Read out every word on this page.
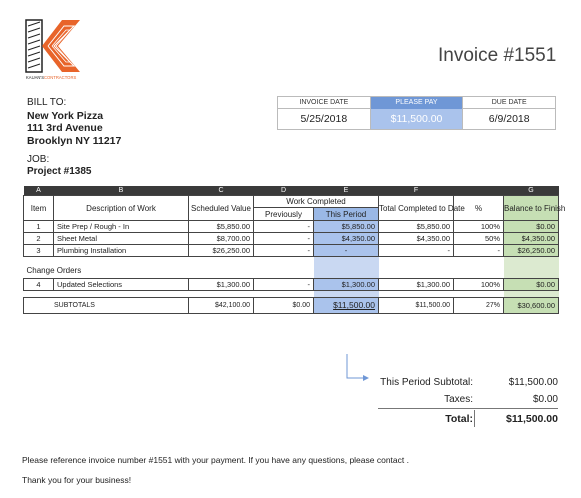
KAUAN'S CONTRACTORS
Invoice #1551
BILL TO:
New York Pizza
111 3rd Avenue
Brooklyn NY 11217
INVOICE DATE
5/25/2018
PLEASE PAY
$11,500.00
DUE DATE
6/9/2018
JOB:
Project #1385
A	B	C	D	E	F		G
Item	Description of Work	Scheduled Value	Work Completed		Total Completed to Date	%	Balance to Finish
			Previously	This Period			
1	Site Prep / Rough - In	$5,850.00	-	$5,850.00	$5,850.00	100%	$0.00
2	Sheet Metal	$8,700.00	-	$4,350.00	$4,350.00	50%	$4,350.00
3	Plumbing Installation	$26,250.00	-	-	-	-	$26,250.00

Change Orders							
4	Updated Selections	$1,300.00	-	$1,300.00	$1,300.00	100%	$0.00

SUBTOTALS		$42,100.00	$0.00	$11,500.00	$11,500.00	27%	$30,600.00
This Period Subtotal:	$11,500.00
Taxes:	$0.00
Total:	$11,500.00
Please reference invoice number #1551 with your payment. If you have any questions, please contact .
Thank you for your business!
